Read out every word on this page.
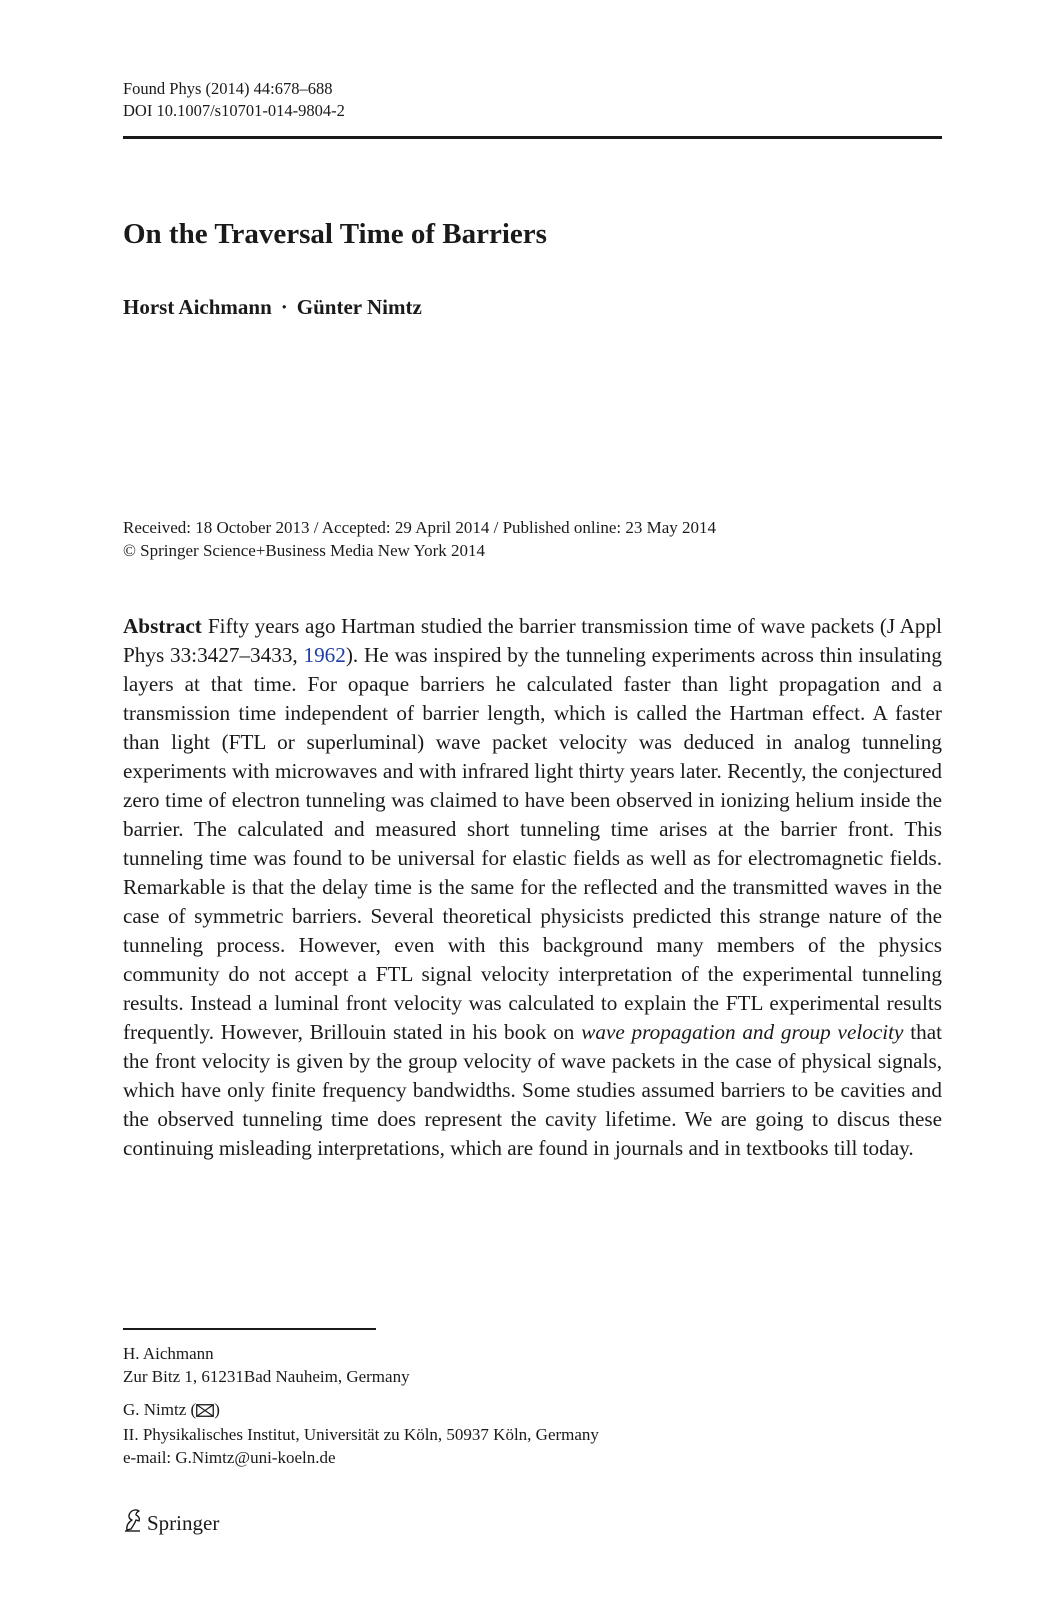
Found Phys (2014) 44:678–688
DOI 10.1007/s10701-014-9804-2
On the Traversal Time of Barriers
Horst Aichmann · Günter Nimtz
Received: 18 October 2013 / Accepted: 29 April 2014 / Published online: 23 May 2014
© Springer Science+Business Media New York 2014

Abstract Fifty years ago Hartman studied the barrier transmission time of wave packets (J Appl Phys 33:3427–3433, 1962). He was inspired by the tunneling experiments across thin insulating layers at that time. For opaque barriers he calculated faster than light propagation and a transmission time independent of barrier length, which is called the Hartman effect. A faster than light (FTL or superluminal) wave packet velocity was deduced in analog tunneling experiments with microwaves and with infrared light thirty years later. Recently, the conjectured zero time of electron tunneling was claimed to have been observed in ionizing helium inside the barrier. The calculated and measured short tunneling time arises at the barrier front. This tunneling time was found to be universal for elastic fields as well as for electromagnetic fields. Remarkable is that the delay time is the same for the reflected and the transmitted waves in the case of symmetric barriers. Several theoretical physicists predicted this strange nature of the tunneling process. However, even with this background many members of the physics community do not accept a FTL signal velocity interpretation of the experimental tunneling results. Instead a luminal front velocity was calculated to explain the FTL experimental results frequently. However, Brillouin stated in his book on wave propagation and group velocity that the front velocity is given by the group velocity of wave packets in the case of physical signals, which have only finite frequency bandwidths. Some studies assumed barriers to be cavities and the observed tunneling time does represent the cavity lifetime. We are going to discus these continuing misleading interpretations, which are found in journals and in textbooks till today.

H. Aichmann
Zur Bitz 1, 61231Bad Nauheim, Germany
G. Nimtz ( )
II. Physikalisches Institut, Universität zu Köln, 50937 Köln, Germany
e-mail: G.Nimtz@uni-koeln.de
Springer
